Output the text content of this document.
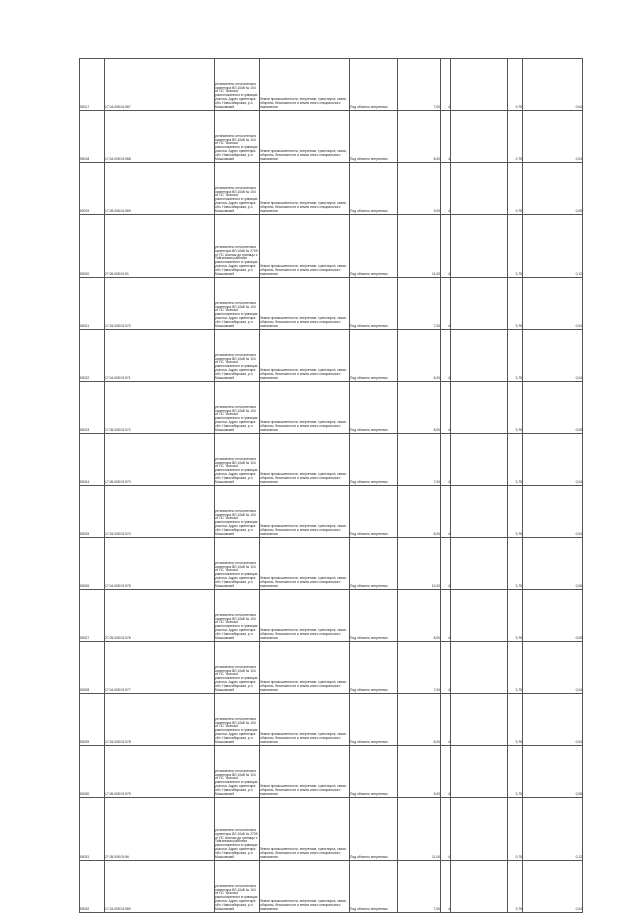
50017	17.04.005:01:967	установлено относительно ориентира ВЛ-10кВ № 104 от ПС "Агалаш" расположенного в границах участка. Адрес ориентира: обл. Новосибирская, р-н Мошковский	Земли промышленности, энергетики, транспорта, связи, обороны, безопасности и земли иного специального назначения	Под объекты энергетики	7,00	4		0,75	0,04
50018	17.04.005:01:968	установлено относительно ориентира ВЛ-10кВ № 104 от ПС "Агалаш" расположенного в границах участка. Адрес ориентира: обл. Новосибирская, р-н Мошковский	Земли промышленности, энергетики, транспорта, связи, обороны, безопасности и земли иного специального назначения	Под объекты энергетики	6,00	4		0,75	0,04
50019	17.05.005:01:969	установлено относительно ориентира ВЛ-10кВ № 104 от ПС "Агалаш" расположенного в границах участка. Адрес ориентира: обл. Новосибирская, р-н Мошковский	Земли промышленности, энергетики, транспорта, связи, обороны, безопасности и земли иного специального назначения	Под объекты энергетики	9,00	4		0,75	0,05
50020	27.05.005:01:91	установлено относительно ориентира ВЛ-10кВ № 2709 от ПС Агалаш до границы с Тайгинским районом расположенного в границах участка. Адрес ориентира: обл. Новосибирская, р-н Мошковский	Земли промышленности, энергетики, транспорта, связи, обороны, безопасности и земли иного специального назначения	Под объекты энергетики	11,00	4		0,75	0,12
50021	17.04.005:01:970	установлено относительно ориентира ВЛ-10кВ № 104 от ПС "Агалаш" расположенного в границах участка. Адрес ориентира: обл. Новосибирская, р-н Мошковский	Земли промышленности, энергетики, транспорта, связи, обороны, безопасности и земли иного специального назначения	Под объекты энергетики	7,00	4		0,75	0,04
50022	17.04.005:01:971	установлено относительно ориентира ВЛ-10кВ № 104 от ПС "Агалаш" расположенного в границах участка. Адрес ориентира: обл. Новосибирская, р-н Мошковский	Земли промышленности, энергетики, транспорта, связи, обороны, безопасности и земли иного специального назначения	Под объекты энергетики	6,00	4		0,75	0,04
50023	17.05.005:01:972	установлено относительно ориентира ВЛ-10кВ № 104 от ПС "Агалаш" расположенного в границах участка. Адрес ориентира: обл. Новосибирская, р-н Мошковский	Земли промышленности, энергетики, транспорта, связи, обороны, безопасности и земли иного специального назначения	Под объекты энергетики	8,00	4		0,75	0,05
50024	17.05.005:01:973	установлено относительно ориентира ВЛ-10кВ № 104 от ПС "Агалаш" расположенного в границах участка. Адрес ориентира: обл. Новосибирская, р-н Мошковский	Земли промышленности, энергетики, транспорта, связи, обороны, безопасности и земли иного специального назначения	Под объекты энергетики	7,00	4		0,75	0,04
50025	17.04.005:01:974	установлено относительно ориентира ВЛ-10кВ № 104 от ПС "Агалаш" расположенного в границах участка. Адрес ориентира: обл. Новосибирская, р-н Мошковский	Земли промышленности, энергетики, транспорта, связи, обороны, безопасности и земли иного специального назначения	Под объекты энергетики	6,00	4		0,75	0,04
50026	17.04.005:01:975	установлено относительно ориентира ВЛ-10кВ № 104 от ПС "Агалаш" расположенного в границах участка. Адрес ориентира: обл. Новосибирская, р-н Мошковский	Земли промышленности, энергетики, транспорта, связи, обороны, безопасности и земли иного специального назначения	Под объекты энергетики	10,00	4		0,75	0,06
50027	27.05.005:01:976	установлено относительно ориентира ВЛ-10кВ № 104 от ПС "Агалаш" расположенного в границах участка. Адрес ориентира: обл. Новосибирская, р-н Мошковский	Земли промышленности, энергетики, транспорта, связи, обороны, безопасности и земли иного специального назначения	Под объекты энергетики	8,00	4		0,75	0,05
50028	17.04.005:01:977	установлено относительно ориентира ВЛ-10кВ № 104 от ПС "Агалаш" расположенного в границах участка. Адрес ориентира: обл. Новосибирская, р-н Мошковский	Земли промышленности, энергетики, транспорта, связи, обороны, безопасности и земли иного специального назначения	Под объекты энергетики	7,00	4		0,75	0,04
50029	17.04.005:01:978	установлено относительно ориентира ВЛ-10кВ № 104 от ПС "Агалаш" расположенного в границах участка. Адрес ориентира: обл. Новосибирская, р-н Мошковский	Земли промышленности, энергетики, транспорта, связи, обороны, безопасности и земли иного специального назначения	Под объекты энергетики	6,00	4		0,75	0,04
50030	17.05.005:01:979	установлено относительно ориентира ВЛ-10кВ № 104 от ПС "Агалаш" расположенного в границах участка. Адрес ориентира: обл. Новосибирская, р-н Мошковский	Земли промышленности, энергетики, транспорта, связи, обороны, безопасности и земли иного специального назначения	Под объекты энергетики	9,00	4		0,75	0,05
50031	27.05.005:01:96	установлено относительно ориентира ВЛ-10кВ № 2709 от ПС Агалаш до границы с Тайгинским районом расположенного в границах участка. Адрес ориентира: обл. Новосибирская, р-н Мошковский	Земли промышленности, энергетики, транспорта, связи, обороны, безопасности и земли иного специального назначения	Под объекты энергетики	11,00	4		0,75	0,12
50032	17.04.005:01:980	установлено относительно ориентира ВЛ-10кВ № 104 от ПС "Агалаш" расположенного в границах участка. Адрес ориентира: обл. Новосибирская, р-н Мошковский	Земли промышленности, энергетики, транспорта, связи, обороны, безопасности и земли иного специального назначения	Под объекты энергетики	7,00	4		0,75	0,04
